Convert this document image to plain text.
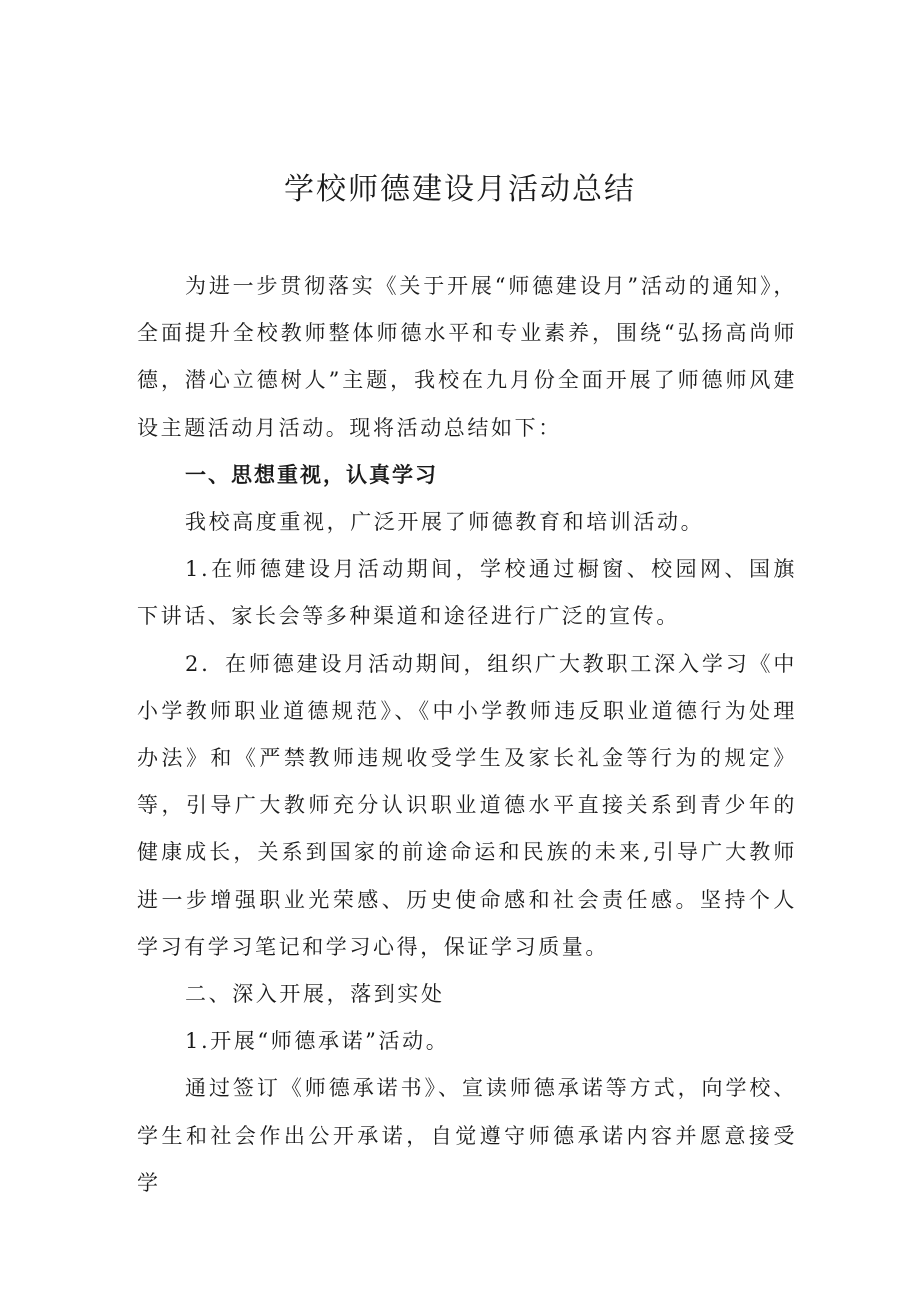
学校师德建设月活动总结

为进一步贯彻落实《关于开展“师德建设月”活动的通知》，全面提升全校教师整体师德水平和专业素养，围绕“弘扬高尚师德，潜心立德树人”主题，我校在九月份全面开展了师德师风建设主题活动月活动。现将活动总结如下：

一、思想重视，认真学习

我校高度重视，广泛开展了师德教育和培训活动。

1.在师德建设月活动期间，学校通过橱窗、校园网、国旗下讲话、家长会等多种渠道和途径进行广泛的宣传。

2．在师德建设月活动期间，组织广大教职工深入学习《中小学教师职业道德规范》、《中小学教师违反职业道德行为处理办法》和《严禁教师违规收受学生及家长礼金等行为的规定》等，引导广大教师充分认识职业道德水平直接关系到青少年的健康成长，关系到国家的前途命运和民族的未来,引导广大教师进一步增强职业光荣感、历史使命感和社会责任感。坚持个人学习有学习笔记和学习心得，保证学习质量。

二、深入开展，落到实处

1.开展“师德承诺”活动。

通过签订《师德承诺书》、宣读师德承诺等方式，向学校、学生和社会作出公开承诺，自觉遵守师德承诺内容并愿意接受学
